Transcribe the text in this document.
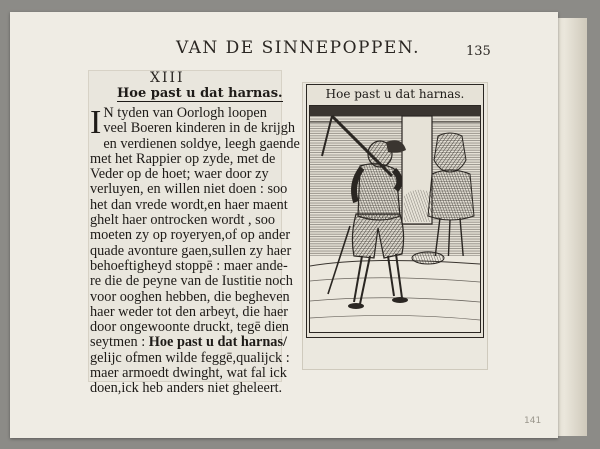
VAN DE SINNEPOPPEN.	135
XIII
Hoe past u dat harnas.
I N tyden van Oorlogh loopen
veel Boeren kinderen in de krijgh
en verdienen soldye, leegh gaende
met het Rappier op zyde, met de
Veder op de hoet; waer door zy
verluyen, en willen niet doen : soo
het dan vrede wordt,en haer maent
ghelt haer ontrocken wordt , soo
moeten zy op royeryen,of op ander
quade avonture gaen,sullen zy haer
behoeftigheyd stoppē : maer ande-
re die de peyne van de Iustitie noch
voor ooghen hebben, die begheven
haer weder tot den arbeyt, die haer
door ongewoonte druckt, tegē dien
seytmen : Hoe past u dat harnas/
gelijc ofmen wilde feggē,qualijck :
maer armoedt dwinght, wat fal ick
doen,ick heb anders niet gheleert.
Hoe past u dat harnas.
141
